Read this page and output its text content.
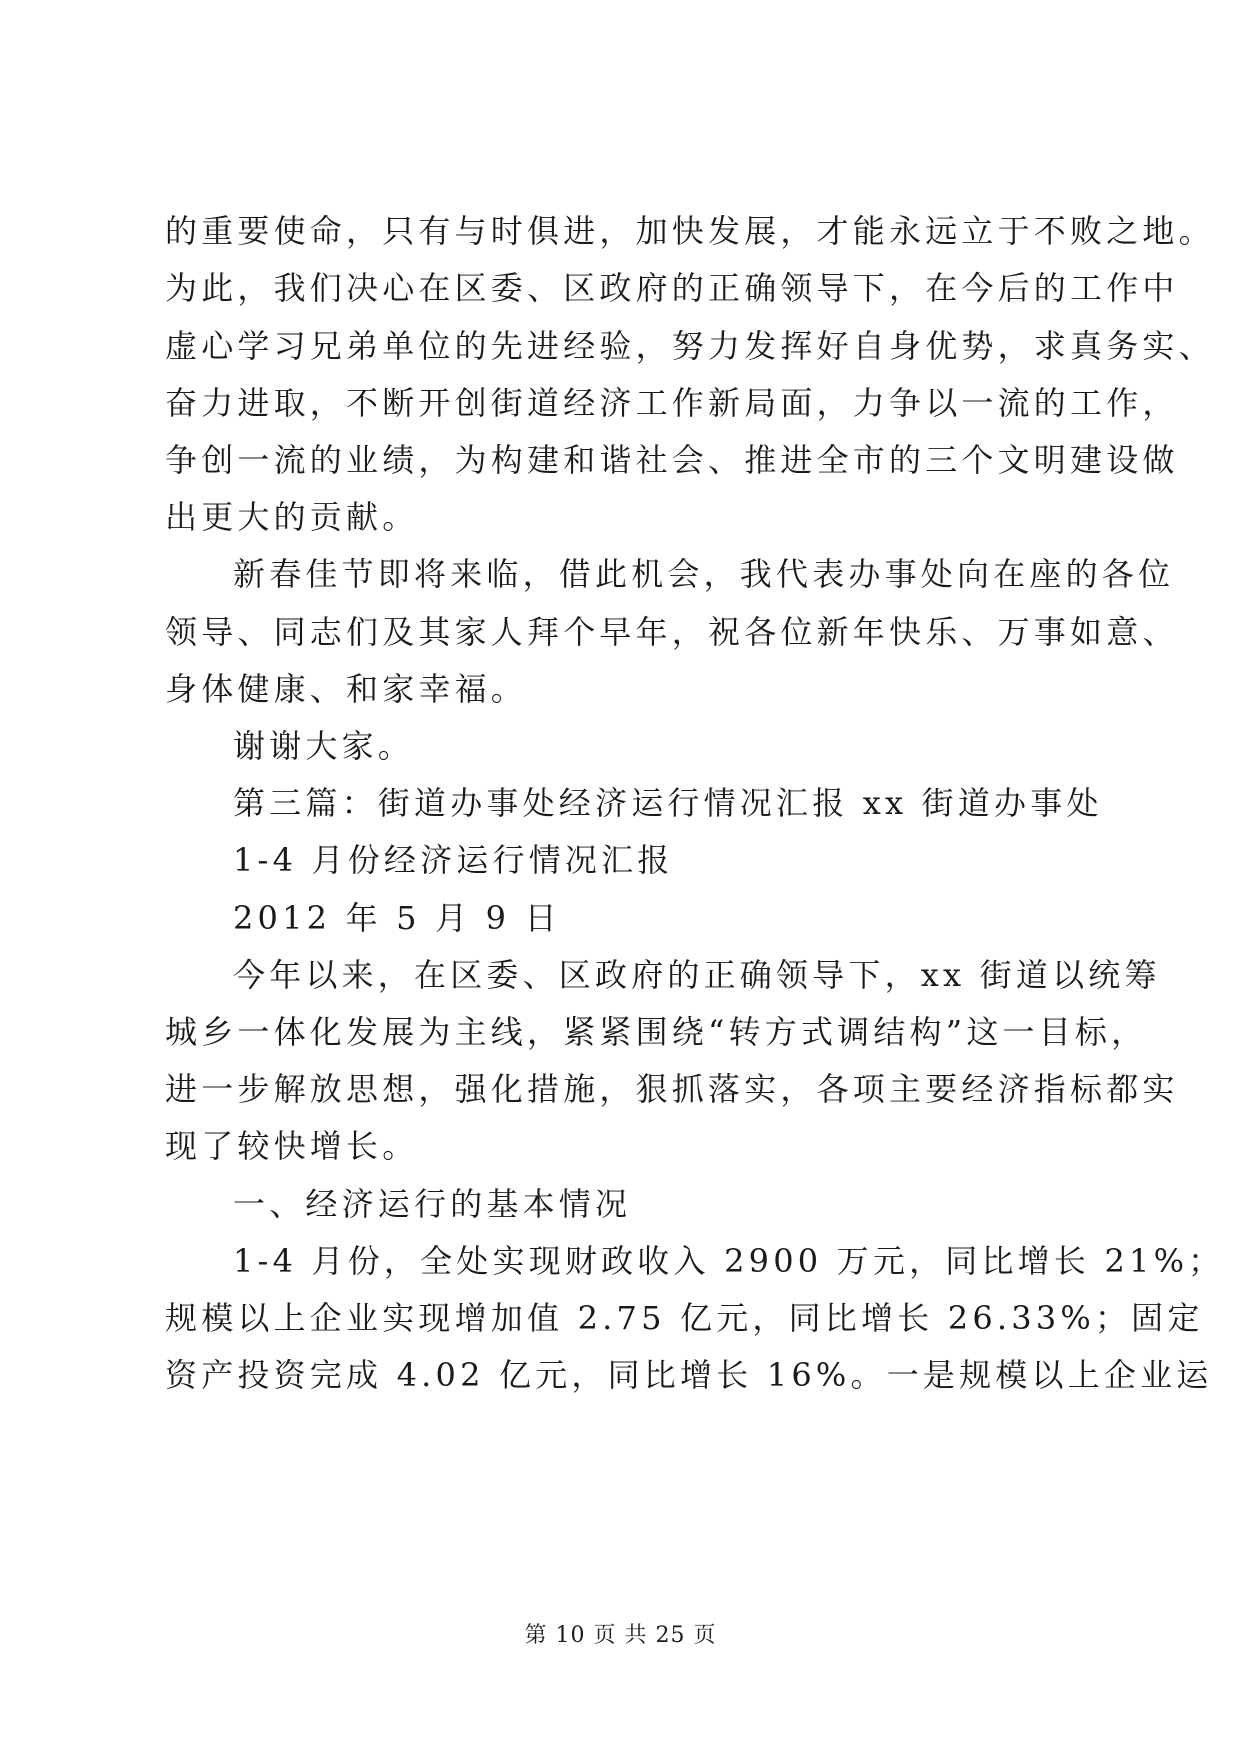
的重要使命，只有与时俱进，加快发展，才能永远立于不败之地。
为此，我们决心在区委、区政府的正确领导下，在今后的工作中
虚心学习兄弟单位的先进经验，努力发挥好自身优势，求真务实、
奋力进取，不断开创街道经济工作新局面，力争以一流的工作，
争创一流的业绩，为构建和谐社会、推进全市的三个文明建设做
出更大的贡献。
新春佳节即将来临，借此机会，我代表办事处向在座的各位
领导、同志们及其家人拜个早年，祝各位新年快乐、万事如意、
身体健康、和家幸福。
谢谢大家。
第三篇：街道办事处经济运行情况汇报 xx 街道办事处
1-4 月份经济运行情况汇报
2012 年 5 月 9 日
今年以来，在区委、区政府的正确领导下，xx 街道以统筹
城乡一体化发展为主线，紧紧围绕“转方式调结构”这一目标，
进一步解放思想，强化措施，狠抓落实，各项主要经济指标都实
现了较快增长。
一、经济运行的基本情况
1-4 月份，全处实现财政收入 2900 万元，同比增长 21%；
规模以上企业实现增加值 2.75 亿元，同比增长 26.33%；固定
资产投资完成 4.02 亿元，同比增长 16%。一是规模以上企业运
第 10 页 共 25 页
